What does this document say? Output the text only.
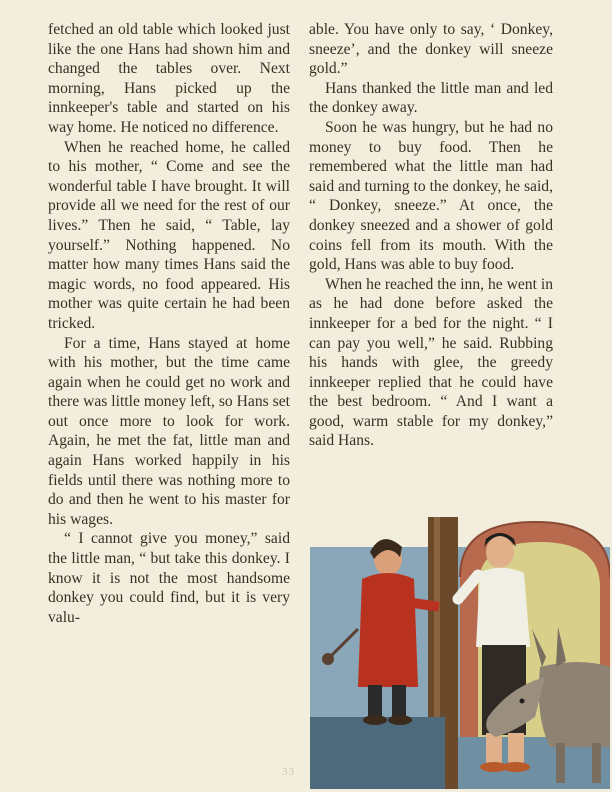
fetched an old table which looked just like the one Hans had shown him and changed the tables over. Next morning, Hans picked up the innkeeper's table and started on his way home. He noticed no difference.

When he reached home, he called to his mother, “ Come and see the wonderful table I have brought. It will provide all we need for the rest of our lives.” Then he said, “ Table, lay yourself.” Nothing happened. No matter how many times Hans said the magic words, no food appeared. His mother was quite certain he had been tricked.

For a time, Hans stayed at home with his mother, but the time came again when he could get no work and there was little money left, so Hans set out once more to look for work. Again, he met the fat, little man and again Hans worked happily in his fields until there was nothing more to do and then he went to his master for his wages.

“ I cannot give you money,” said the little man, “ but take this donkey. I know it is not the most handsome donkey you could find, but it is very valu-

able. You have only to say, ‘ Donkey, sneeze’, and the donkey will sneeze gold.”

Hans thanked the little man and led the donkey away.

Soon he was hungry, but he had no money to buy food. Then he remembered what the little man had said and turning to the donkey, he said, “ Donkey, sneeze.” At once, the donkey sneezed and a shower of gold coins fell from its mouth. With the gold, Hans was able to buy food.

When he reached the inn, he went in as he had done before asked the innkeeper for a bed for the night. “ I can pay you well,” he said. Rubbing his hands with glee, the greedy innkeeper replied that he could have the best bedroom. “ And I want a good, warm stable for my donkey,” said Hans.

33
